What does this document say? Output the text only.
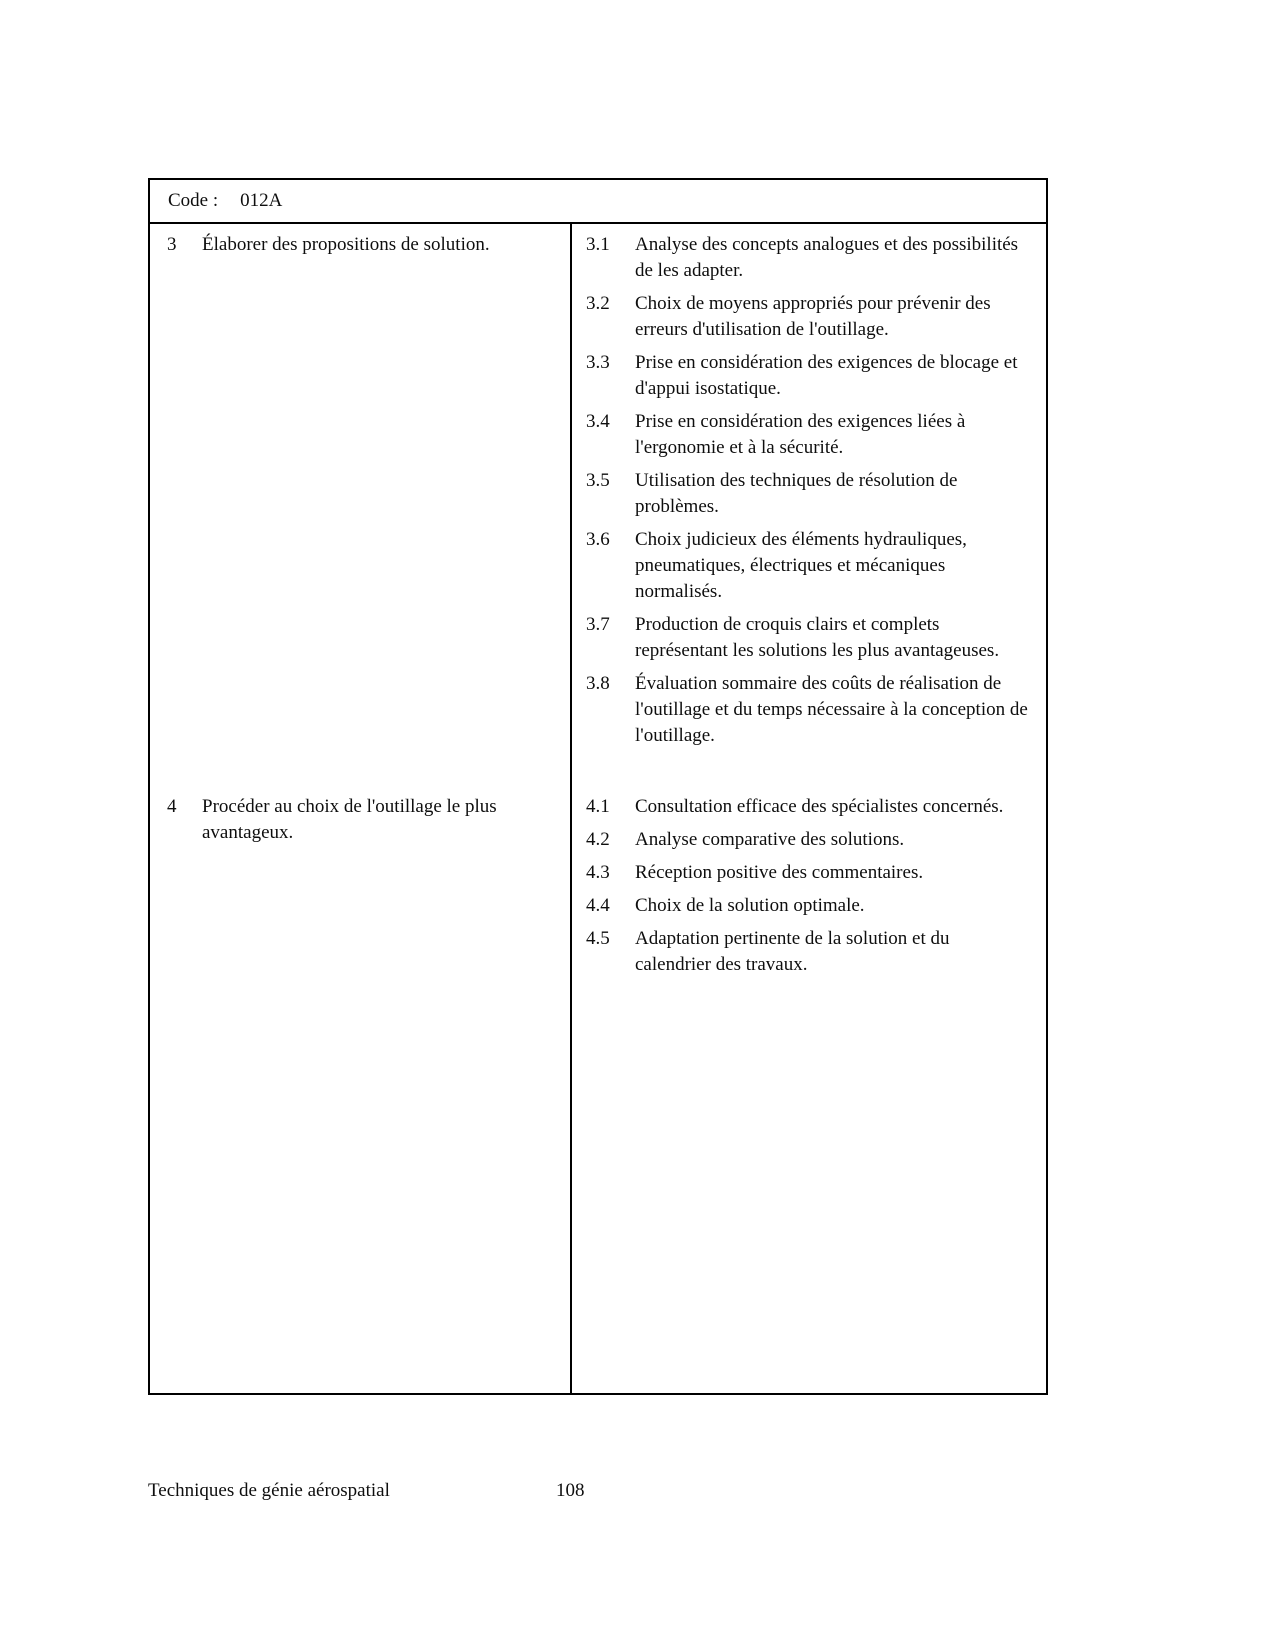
Code : 012A
3	Élaborer des propositions de solution.	3.1	Analyse des concepts analogues et des possibilités de les adapter.
3.2	Choix de moyens appropriés pour prévenir des erreurs d'utilisation de l'outillage.
3.3	Prise en considération des exigences de blocage et d'appui isostatique.
3.4	Prise en considération des exigences liées à l'ergonomie et à la sécurité.
3.5	Utilisation des techniques de résolution de problèmes.
3.6	Choix judicieux des éléments hydrauliques, pneumatiques, électriques et mécaniques normalisés.
3.7	Production de croquis clairs et complets représentant les solutions les plus avantageuses.
3.8	Évaluation sommaire des coûts de réalisation de l'outillage et du temps nécessaire à la conception de l'outillage.
4	Procéder au choix de l'outillage le plus avantageux.
4.1	Consultation efficace des spécialistes concernés.
4.2	Analyse comparative des solutions.
4.3	Réception positive des commentaires.
4.4	Choix de la solution optimale.
4.5	Adaptation pertinente de la solution et du calendrier des travaux.
Techniques de génie aérospatial	108
